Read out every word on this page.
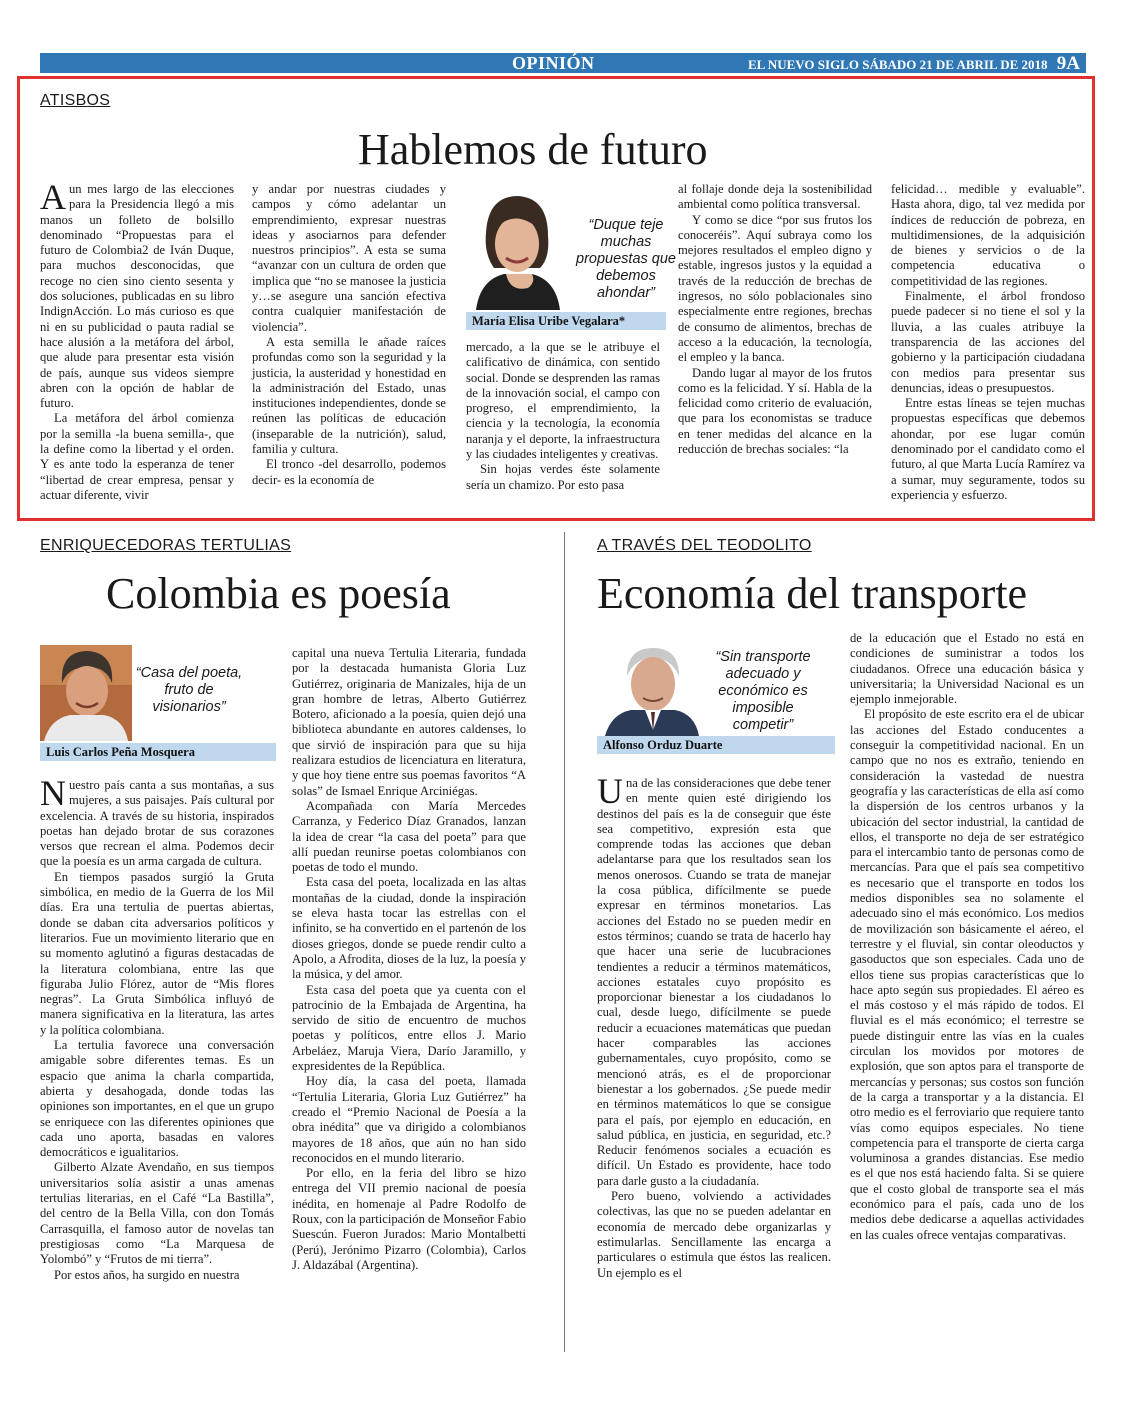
OPINIÓN	EL NUEVO SIGLO SÁBADO 21 DE ABRIL DE 2018 9A
ATISBOS
Hablemos de futuro

Aun mes largo de las elecciones para la Presidencia llegó a mis manos un folleto de bolsillo denominado “Propuestas para el futuro de Colombia2 de Iván Duque, para muchos desconocidas, que recoge no cien sino ciento sesenta y dos soluciones, publicadas en su libro IndignAcción. Lo más curioso es que ni en su publicidad o pauta radial se hace alusión a la metáfora del árbol, que alude para presentar esta visión de país, aunque sus videos siempre abren con la opción de hablar de futuro.

La metáfora del árbol comienza por la semilla -la buena semilla-, que la define como la libertad y el orden. Y es ante todo la esperanza de tener “libertad de crear empresa, pensar y actuar diferente, vivir

y andar por nuestras ciudades y campos y cómo adelantar un emprendimiento, expresar nuestras ideas y asociarnos para defender nuestros principios”. A esta se suma “avanzar con un cultura de orden que implica que “no se manosee la justicia y…se asegure una sanción efectiva contra cualquier manifestación de violencia”.

A esta semilla le añade raíces profundas como son la seguridad y la justicia, la austeridad y honestidad en la administración del Estado, unas instituciones independientes, donde se reúnen las políticas de educación (inseparable de la nutrición), salud, familia y cultura.

El tronco -del desarrollo, podemos decir- es la economía de

“Duque teje muchas propuestas que debemos ahondar”
María Elisa Uribe Vegalara*

mercado, a la que se le atribuye el calificativo de dinámica, con sentido social. Donde se desprenden las ramas de la innovación social, el campo con progreso, el emprendimiento, la ciencia y la tecnología, la economía naranja y el deporte, la infraestructura y las ciudades inteligentes y creativas.

Sin hojas verdes éste solamente sería un chamizo. Por esto pasa

al follaje donde deja la sostenibilidad ambiental como política transversal.

Y como se dice “por sus frutos los conoceréis”. Aquí subraya como los mejores resultados el empleo digno y estable, ingresos justos y la equidad a través de la reducción de brechas de ingresos, no sólo poblacionales sino especialmente entre regiones, brechas de consumo de alimentos, brechas de acceso a la educación, la tecnología, el empleo y la banca.

Dando lugar al mayor de los frutos como es la felicidad. Y sí. Habla de la felicidad como criterio de evaluación, que para los economistas se traduce en tener medidas del alcance en la reducción de brechas sociales: “la

felicidad… medible y evaluable”. Hasta ahora, digo, tal vez medida por índices de reducción de pobreza, en multidimensiones, de la adquisición de bienes y servicios o de la competencia educativa o competitividad de las regiones.

Finalmente, el árbol frondoso puede padecer si no tiene el sol y la lluvia, a las cuales atribuye la transparencia de las acciones del gobierno y la participación ciudadana con medios para presentar sus denuncias, ideas o presupuestos.

Entre estas líneas se tejen muchas propuestas específicas que debemos ahondar, por ese lugar común denominado por el candidato como el futuro, al que Marta Lucía Ramírez va a sumar, muy seguramente, todos su experiencia y esfuerzo.

ENRIQUECEDORAS TERTULIAS
Colombia es poesía
“Casa del poeta, fruto de visionarios”
Luis Carlos Peña Mosquera

Nuestro país canta a sus montañas, a sus mujeres, a sus paisajes. País cultural por excelencia. A través de su historia, inspirados poetas han dejado brotar de sus corazones versos que recrean el alma. Podemos decir que la poesía es un arma cargada de cultura.

En tiempos pasados surgió la Gruta simbólica, en medio de la Guerra de los Mil días. Era una tertulia de puertas abiertas, donde se daban cita adversarios políticos y literarios. Fue un movimiento literario que en su momento aglutinó a figuras destacadas de la literatura colombiana, entre las que figuraba Julio Flórez, autor de “Mis flores negras”. La Gruta Simbólica influyó de manera significativa en la literatura, las artes y la política colombiana.

La tertulia favorece una conversación amigable sobre diferentes temas. Es un espacio que anima la charla compartida, abierta y desahogada, donde todas las opiniones son importantes, en el que un grupo se enriquece con las diferentes opiniones que cada uno aporta, basadas en valores democráticos e igualitarios.

Gilberto Alzate Avendaño, en sus tiempos universitarios solía asistir a unas amenas tertulias literarias, en el Café “La Bastilla”, del centro de la Bella Villa, con don Tomás Carrasquilla, el famoso autor de novelas tan prestigiosas como “La Marquesa de Yolombó” y “Frutos de mi tierra”.

Por estos años, ha surgido en nuestra

capital una nueva Tertulia Literaria, fundada por la destacada humanista Gloria Luz Gutiérrez, originaria de Manizales, hija de un gran hombre de letras, Alberto Gutiérrez Botero, aficionado a la poesía, quien dejó una biblioteca abundante en autores caldenses, lo que sirvió de inspiración para que su hija realizara estudios de licenciatura en literatura, y que hoy tiene entre sus poemas favoritos “A solas” de Ismael Enrique Arciniégas.

Acompañada con María Mercedes Carranza, y Federico Díaz Granados, lanzan la idea de crear “la casa del poeta” para que allí puedan reunirse poetas colombianos con poetas de todo el mundo.

Esta casa del poeta, localizada en las altas montañas de la ciudad, donde la inspiración se eleva hasta tocar las estrellas con el infinito, se ha convertido en el partenón de los dioses griegos, donde se puede rendir culto a Apolo, a Afrodita, dioses de la luz, la poesía y la música, y del amor.

Esta casa del poeta que ya cuenta con el patrocinio de la Embajada de Argentina, ha servido de sitio de encuentro de muchos poetas y políticos, entre ellos J. Mario Arbeláez, Maruja Viera, Darío Jaramillo, y expresidentes de la República.

Hoy día, la casa del poeta, llamada “Tertulia Literaria, Gloria Luz Gutiérrez” ha creado el “Premio Nacional de Poesía a la obra inédita” que va dirigido a colombianos mayores de 18 años, que aún no han sido reconocidos en el mundo literario.

Por ello, en la feria del libro se hizo entrega del VII premio nacional de poesía inédita, en homenaje al Padre Rodolfo de Roux, con la participación de Monseñor Fabio Suescún. Fueron Jurados: Mario Montalbetti (Perú), Jerónimo Pizarro (Colombia), Carlos J. Aldazábal (Argentina).

A TRAVÉS DEL TEODOLITO
Economía del transporte
“Sin transporte adecuado y económico es imposible competir”
Alfonso Orduz Duarte

Una de las consideraciones que debe tener en mente quien esté dirigiendo los destinos del país es la de conseguir que éste sea competitivo, expresión esta que comprende todas las acciones que deban adelantarse para que los resultados sean los menos onerosos. Cuando se trata de manejar la cosa pública, difícilmente se puede expresar en términos monetarios. Las acciones del Estado no se pueden medir en estos términos; cuando se trata de hacerlo hay que hacer una serie de lucubraciones tendientes a reducir a términos matemáticos, acciones estatales cuyo propósito es proporcionar bienestar a los ciudadanos lo cual, desde luego, difícilmente se puede reducir a ecuaciones matemáticas que puedan hacer comparables las acciones gubernamentales, cuyo propósito, como se mencionó atrás, es el de proporcionar bienestar a los gobernados. ¿Se puede medir en términos matemáticos lo que se consigue para el país, por ejemplo en educación, en salud pública, en justicia, en seguridad, etc.? Reducir fenómenos sociales a ecuación es difícil. Un Estado es providente, hace todo para darle gusto a la ciudadanía.

Pero bueno, volviendo a actividades colectivas, las que no se pueden adelantar en economía de mercado debe organizarlas y estimularlas. Sencillamente las encarga a particulares o estimula que éstos las realicen. Un ejemplo es el

de la educación que el Estado no está en condiciones de suministrar a todos los ciudadanos. Ofrece una educación básica y universitaria; la Universidad Nacional es un ejemplo inmejorable.

El propósito de este escrito era el de ubicar las acciones del Estado conducentes a conseguir la competitividad nacional. En un campo que no nos es extraño, teniendo en consideración la vastedad de nuestra geografía y las características de ella así como la dispersión de los centros urbanos y la ubicación del sector industrial, la cantidad de ellos, el transporte no deja de ser estratégico para el intercambio tanto de personas como de mercancías. Para que el país sea competitivo es necesario que el transporte en todos los medios disponibles sea no solamente el adecuado sino el más económico. Los medios de movilización son básicamente el aéreo, el terrestre y el fluvial, sin contar oleoductos y gasoductos que son especiales. Cada uno de ellos tiene sus propias características que lo hace apto según sus propiedades. El aéreo es el más costoso y el más rápido de todos. El fluvial es el más económico; el terrestre se puede distinguir entre las vías en la cuales circulan los movidos por motores de explosión, que son aptos para el transporte de mercancías y personas; sus costos son función de la carga a transportar y a la distancia. El otro medio es el ferroviario que requiere tanto vías como equipos especiales. No tiene competencia para el transporte de cierta carga voluminosa a grandes distancias. Ese medio es el que nos está haciendo falta. Si se quiere que el costo global de transporte sea el más económico para el país, cada uno de los medios debe dedicarse a aquellas actividades en las cuales ofrece ventajas comparativas.
